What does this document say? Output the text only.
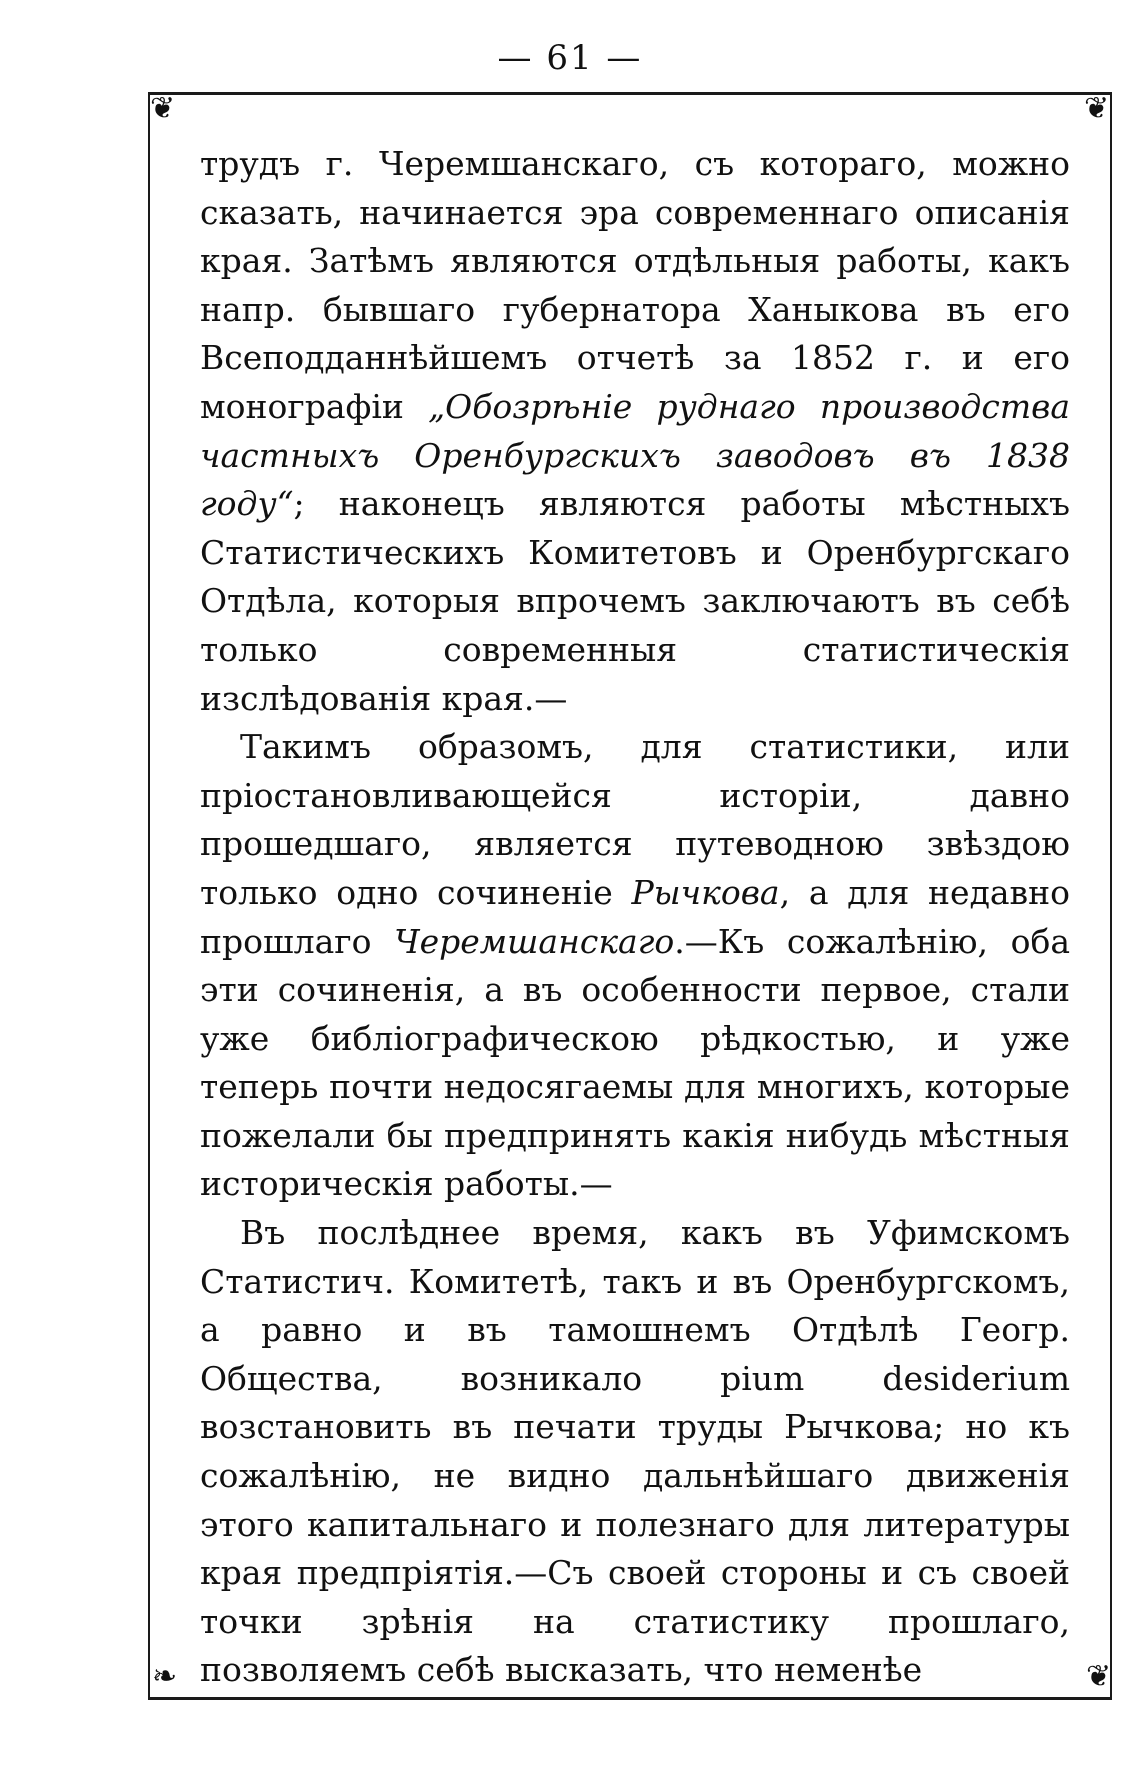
— 61 —
❦	❦
❧	❦

трудъ г. Черемшанскаго, съ котораго, можно сказать, начинается эра современнаго описанія края. Затѣмъ являются отдѣльныя работы, какъ напр. бывшаго губернатора Ханыкова въ его Всеподданнѣйшемъ отчетѣ за 1852 г. и его монографіи „Обозрѣніе руднаго производства частныхъ Оренбургскихъ заводовъ въ 1838 году“; наконецъ являются работы мѣстныхъ Статистическихъ Комитетовъ и Оренбургскаго Отдѣла, которыя впрочемъ заключаютъ въ себѣ только современныя статистическія изслѣдованія края.—

Такимъ образомъ, для статистики, или пріостановливающейся исторіи, давно прошедшаго, является путеводною звѣздою только одно сочиненіе Рычкова, а для недавно прошлаго Черемшанскаго.—Къ сожалѣнію, оба эти сочиненія, а въ особенности первое, стали уже библіографическою рѣдкостью, и уже теперь почти недосягаемы для многихъ, которые пожелали бы предпринять какія нибудь мѣстныя историческія работы.—

Въ послѣднее время, какъ въ Уфимскомъ Статистич. Комитетѣ, такъ и въ Оренбургскомъ, а равно и въ тамошнемъ Отдѣлѣ Геогр. Общества, возникало pium desiderium возстановить въ печати труды Рычкова; но къ сожалѣнію, не видно дальнѣйшаго движенія этого капитальнаго и полезнаго для литературы края предпріятія.—Съ своей стороны и съ своей точки зрѣнія на статистику прошлаго, позволяемъ себѣ высказать, что неменѣе
